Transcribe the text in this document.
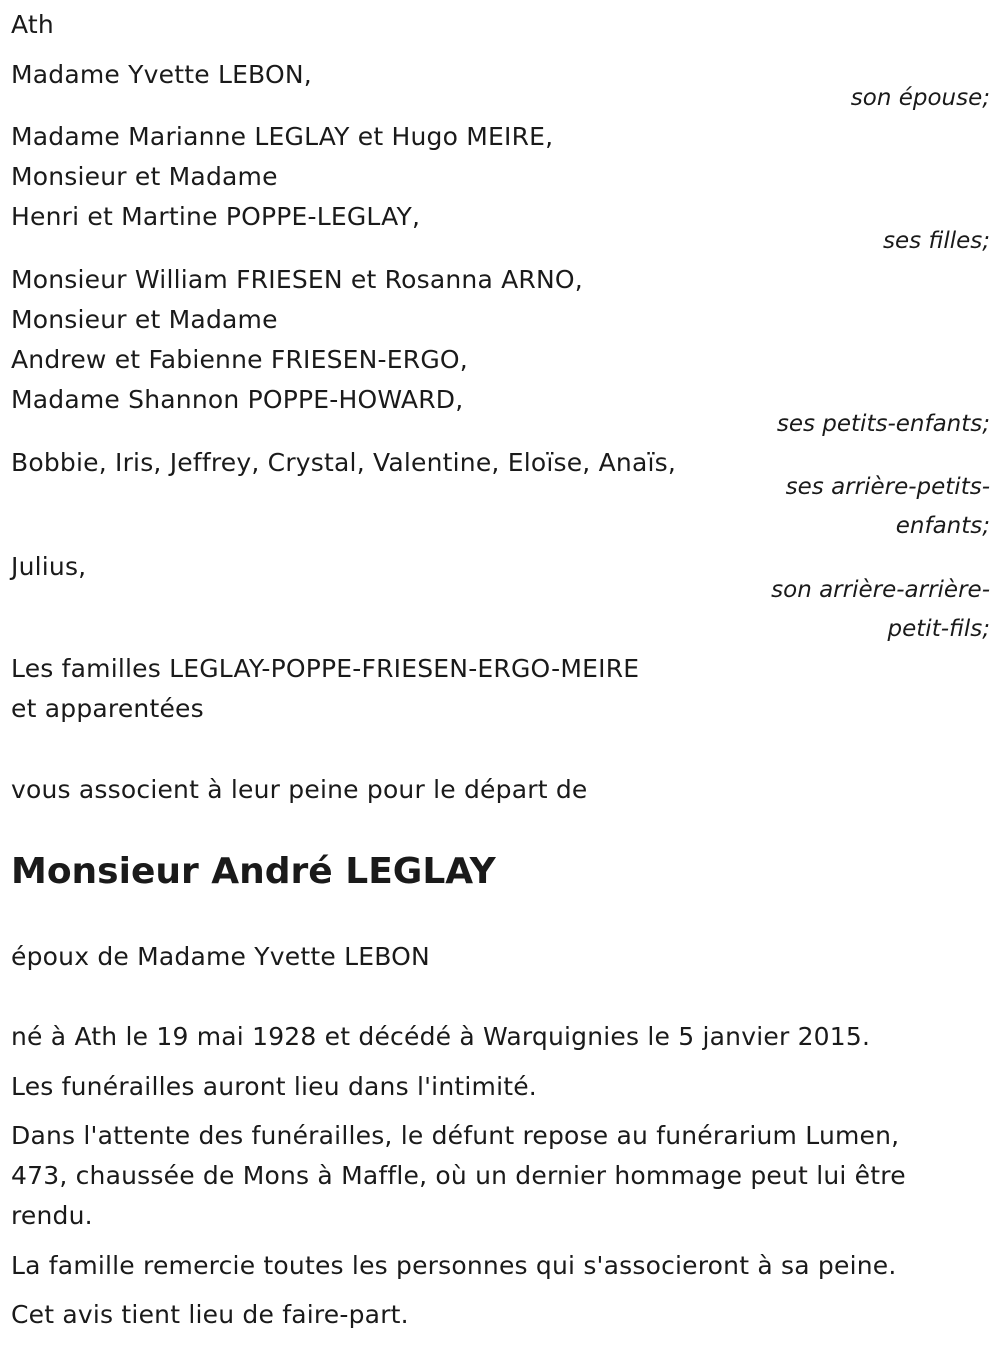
Ath
Madame Yvette LEBON,
son épouse;
Madame Marianne LEGLAY et Hugo MEIRE,
Monsieur et Madame
Henri et Martine POPPE-LEGLAY,
ses filles;
Monsieur William FRIESEN et Rosanna ARNO,
Monsieur et Madame
Andrew et Fabienne FRIESEN-ERGO,
Madame Shannon POPPE-HOWARD,
ses petits-enfants;
Bobbie, Iris, Jeffrey, Crystal, Valentine, Eloïse, Anaïs,
ses arrière-petits-
enfants;
Julius,
son arrière-arrière-
petit-fils;
Les familles LEGLAY-POPPE-FRIESEN-ERGO-MEIRE
et apparentées
vous associent à leur peine pour le départ de
Monsieur André LEGLAY
époux de Madame Yvette LEBON
né à Ath le 19 mai 1928 et décédé à Warquignies le 5 janvier 2015.
Les funérailles auront lieu dans l'intimité.
Dans l'attente des funérailles, le défunt repose au funérarium Lumen,
473, chaussée de Mons à Maffle, où un dernier hommage peut lui être
rendu.
La famille remercie toutes les personnes qui s'associeront à sa peine.
Cet avis tient lieu de faire-part.
